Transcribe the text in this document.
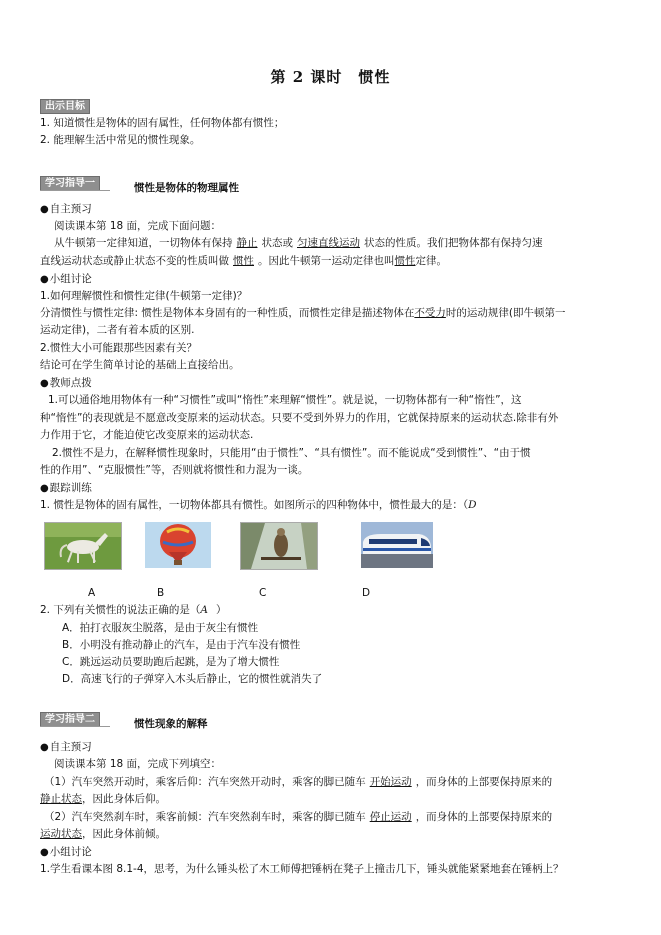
第 2 课时　惯性
出示目标
1. 知道惯性是物体的固有属性，任何物体都有惯性；
2. 能理解生活中常见的惯性现象。
学习指导一	惯性是物体的物理属性
● 自主预习
阅读课本第 18 面，完成下面问题：
从牛顿第一定律知道，一切物体有保持 静止 状态或 匀速直线运动 状态的性质。我们把物体都有保持匀速
直线运动状态或静止状态不变的性质叫做 惯性 。因此牛顿第一运动定律也叫惯性定律。
● 小组讨论
1.如何理解惯性和惯性定律(牛顿第一定律)？
分清惯性与惯性定律: 惯性是物体本身固有的一种性质，而惯性定律是描述物体在不受力时的运动规律(即牛顿第一
运动定律)，二者有着本质的区别.
2.惯性大小可能跟那些因素有关？
结论可在学生简单讨论的基础上直接给出。
● 教师点拨
1.可以通俗地用物体有一种“习惯性”或叫“惰性”来理解“惯性”。就是说，一切物体都有一种“惰性”，这
种“惰性”的表现就是不愿意改变原来的运动状态。只要不受到外界力的作用，它就保持原来的运动状态.除非有外
力作用于它，才能迫使它改变原来的运动状态.
2.惯性不是力，在解释惯性现象时，只能用“由于惯性”、“具有惯性”。而不能说成“受到惯性”、“由于惯
性的作用”、“克服惯性”等，否则就将惯性和力混为一谈。
● 跟踪训练
1. 惯性是物体的固有属性，一切物体都具有惯性。如图所示的四种物体中，惯性最大的是：（D
A	B	C	D
2. 下列有关惯性的说法正确的是（A ）
A．拍打衣服灰尘脱落，是由于灰尘有惯性
B．小明没有推动静止的汽车，是由于汽车没有惯性
C．跳远运动员要助跑后起跳，是为了增大惯性
D．高速飞行的子弹穿入木头后静止，它的惯性就消失了
学习指导二	惯性现象的解释
● 自主预习
阅读课本第 18 面，完成下列填空：
（1）汽车突然开动时，乘客后仰：汽车突然开动时，乘客的脚已随车 开始运动 ，而身体的上部要保持原来的
静止状态，因此身体后仰。
（2）汽车突然刹车时，乘客前倾：汽车突然刹车时，乘客的脚已随车 停止运动 ，而身体的上部要保持原来的
运动状态，因此身体前倾。
● 小组讨论
1.学生看课本图 8.1-4，思考，为什么锤头松了木工师傅把锤柄在凳子上撞击几下，锤头就能紧紧地套在锤柄上？
